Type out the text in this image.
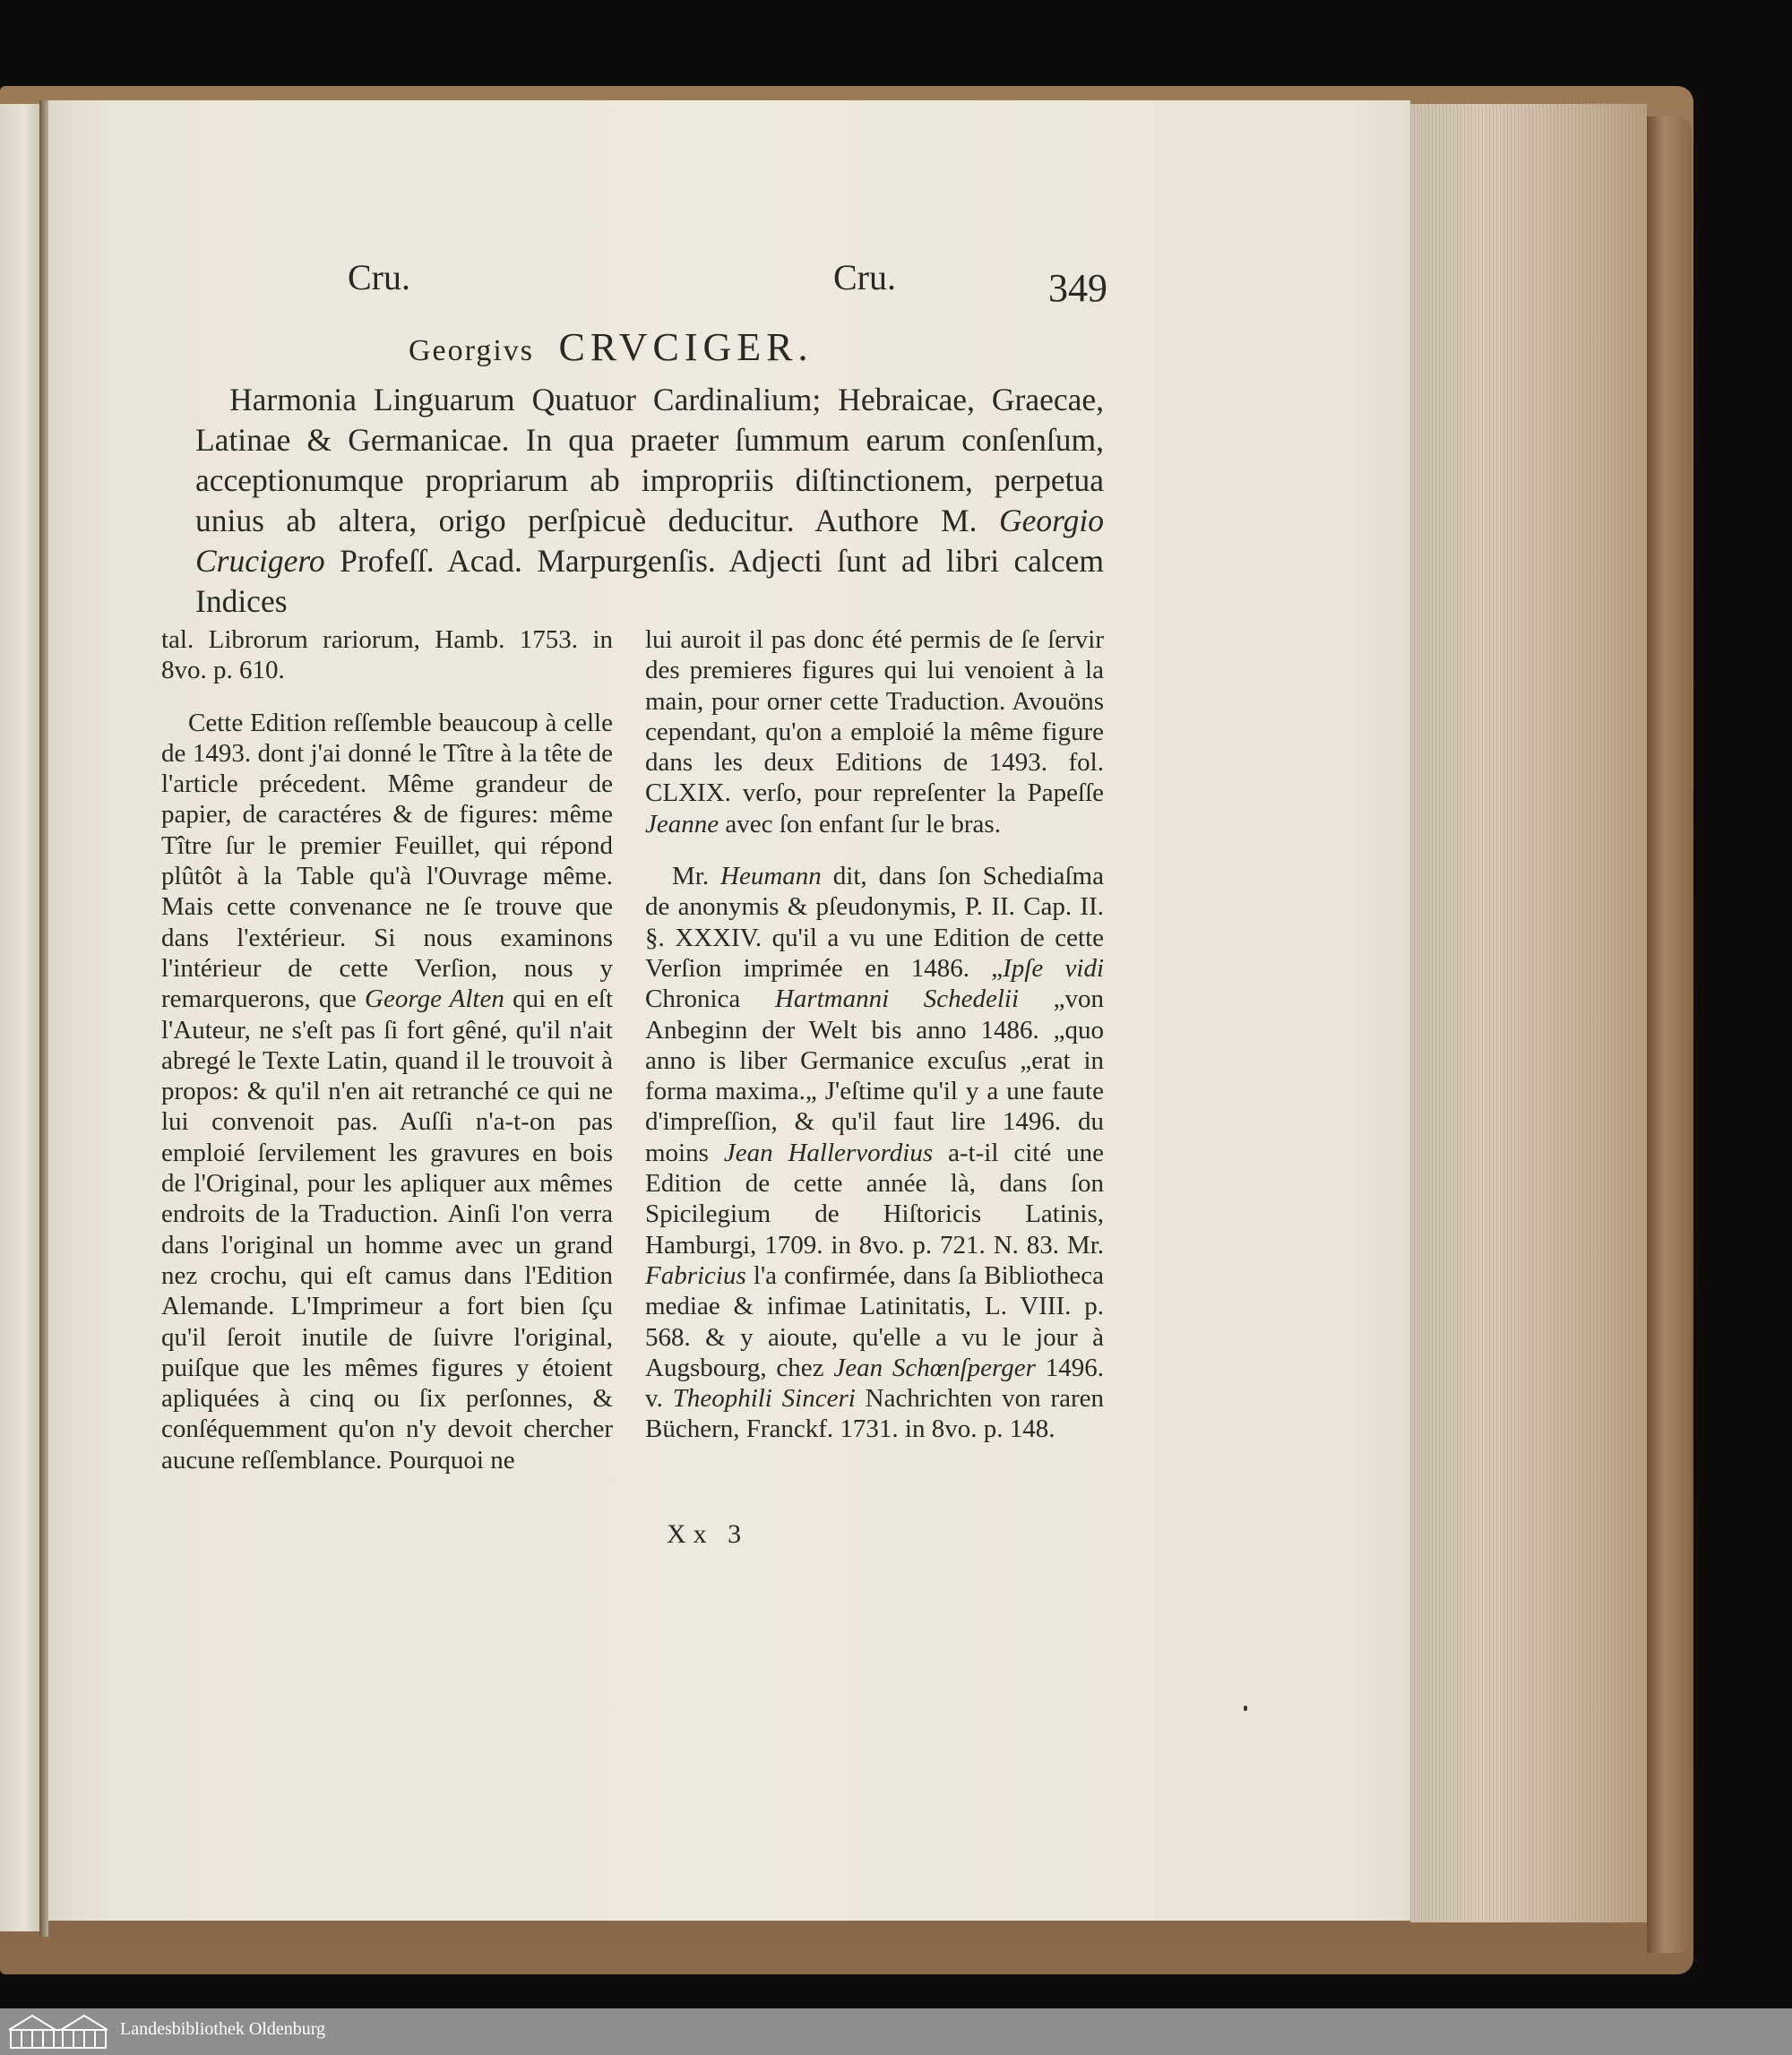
Cru.	Cru.	349
Georgivs CRVCIGER.

Harmonia Linguarum Quatuor Cardinalium; Hebraicae, Graecae, Latinae & Germanicae. In qua praeter ſummum earum conſenſum, acceptionumque propriarum ab impropriis diſtinctionem, perpetua unius ab altera, origo perſpicuè deducitur. Authore M. Georgio Crucigero Profeſſ. Acad. Marpurgenſis. Adjecti ſunt ad libri calcem Indices

tal. Librorum rariorum, Hamb. 1753. in 8vo. p. 610.

Cette Edition reſſemble beaucoup à celle de 1493. dont j'ai donné le Tître à la tête de l'article précedent. Même grandeur de papier, de caractéres & de figures: même Tître ſur le premier Feuillet, qui répond plûtôt à la Table qu'à l'Ouvrage même. Mais cette convenance ne ſe trouve que dans l'extérieur. Si nous examinons l'intérieur de cette Verſion, nous y remarquerons, que George Alten qui en eſt l'Auteur, ne s'eſt pas ſi fort gêné, qu'il n'ait abregé le Texte Latin, quand il le trouvoit à propos: & qu'il n'en ait retranché ce qui ne lui convenoit pas. Auſſi n'a-t-on pas emploié ſervilement les gravures en bois de l'Original, pour les apliquer aux mêmes endroits de la Traduction. Ainſi l'on verra dans l'original un homme avec un grand nez crochu, qui eſt camus dans l'Edition Alemande. L'Imprimeur a fort bien ſçu qu'il ſeroit inutile de ſuivre l'original, puiſque que les mêmes figures y étoient apliquées à cinq ou ſix perſonnes, & conſéquemment qu'on n'y devoit chercher aucune reſſemblance. Pourquoi ne

lui auroit il pas donc été permis de ſe ſervir des premieres figures qui lui venoient à la main, pour orner cette Traduction. Avouöns cependant, qu'on a emploié la même figure dans les deux Editions de 1493. fol. CLXIX. verſo, pour repreſenter la Papeſſe Jeanne avec ſon enfant ſur le bras.

Mr. Heumann dit, dans ſon Schediaſma de anonymis & pſeudonymis, P. II. Cap. II. §. XXXIV. qu'il a vu une Edition de cette Verſion imprimée en 1486. „Ipſe vidi Chronica Hartmanni Schedelii „von Anbeginn der Welt bis anno 1486. „quo anno is liber Germanice excuſus „erat in forma maxima.„ J'eſtime qu'il y a une faute d'impreſſion, & qu'il faut lire 1496. du moins Jean Hallervordius a-t-il cité une Edition de cette année là, dans ſon Spicilegium de Hiſtoricis Latinis, Hamburgi, 1709. in 8vo. p. 721. N. 83. Mr. Fabricius l'a confirmée, dans ſa Bibliotheca mediae & infimae Latinitatis, L. VIII. p. 568. & y aioute, qu'elle a vu le jour à Augsbourg, chez Jean Schœnſperger 1496. v. Theophili Sinceri Nachrichten von raren Büchern, Franckf. 1731. in 8vo. p. 148.

Xx 3
Landesbibliothek Oldenburg
